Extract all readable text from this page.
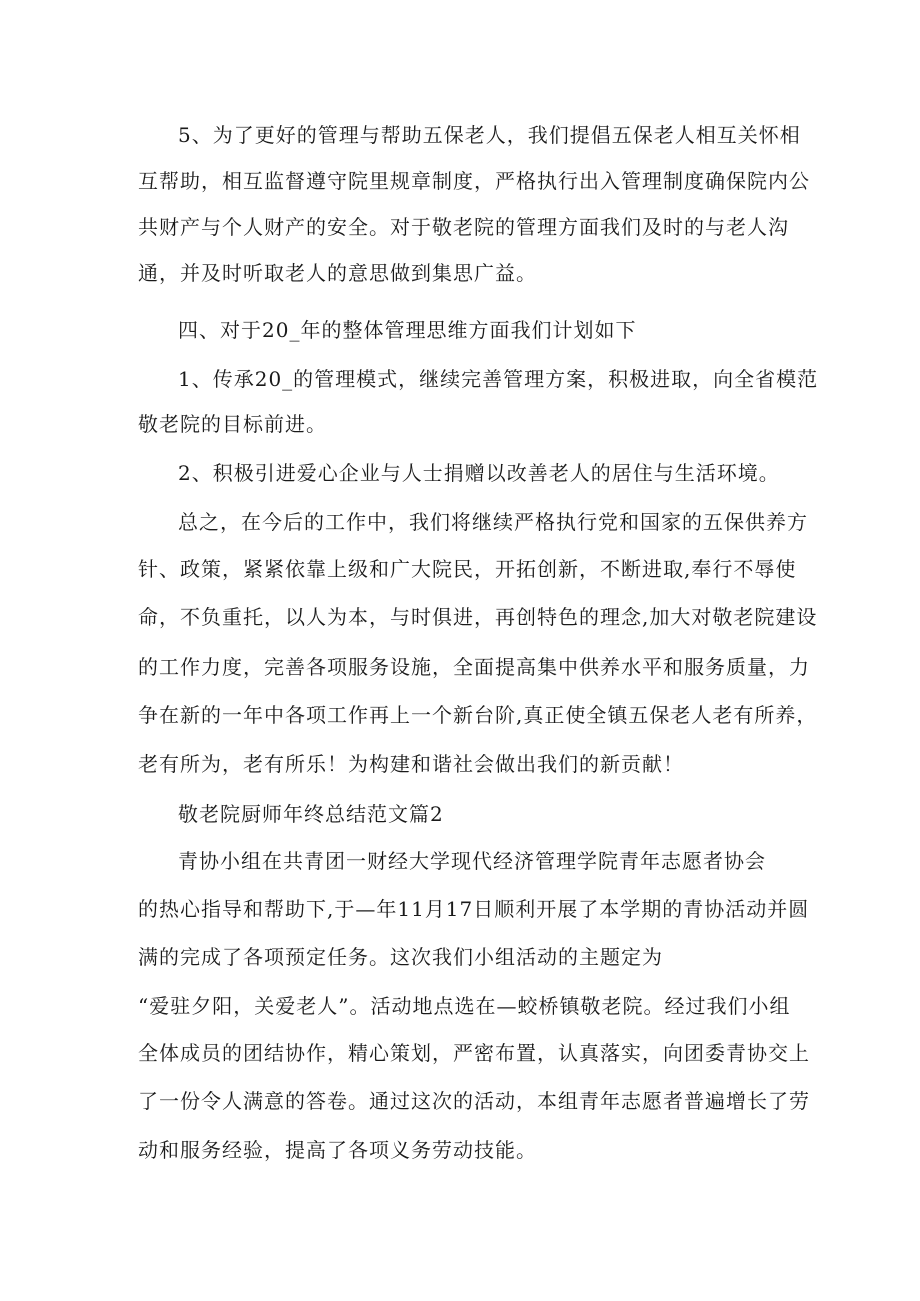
5、为了更好的管理与帮助五保老人，我们提倡五保老人相互关怀相
互帮助，相互监督遵守院里规章制度，严格执行出入管理制度确保院内公
共财产与个人财产的安全。对于敬老院的管理方面我们及时的与老人沟
通，并及时听取老人的意思做到集思广益。
四、对于20_年的整体管理思维方面我们计划如下
1、传承20_的管理模式，继续完善管理方案，积极进取，向全省模范
敬老院的目标前进。
2、积极引进爱心企业与人士捐赠以改善老人的居住与生活环境。
总之，在今后的工作中，我们将继续严格执行党和国家的五保供养方
针、政策，紧紧依靠上级和广大院民，开拓创新，不断进取,奉行不辱使
命，不负重托，以人为本，与时俱进，再创特色的理念,加大对敬老院建设
的工作力度，完善各项服务设施，全面提高集中供养水平和服务质量，力
争在新的一年中各项工作再上一个新台阶,真正使全镇五保老人老有所养，
老有所为，老有所乐！为构建和谐社会做出我们的新贡献！
敬老院厨师年终总结范文篇2
青协小组在共青团一财经大学现代经济管理学院青年志愿者协会
的热心指导和帮助下,于—年11月17日顺利开展了本学期的青协活动并圆
满的完成了各项预定任务。这次我们小组活动的主题定为
“爱驻夕阳，关爱老人”。活动地点选在—蛟桥镇敬老院。经过我们小组
全体成员的团结协作，精心策划，严密布置，认真落实，向团委青协交上
了一份令人满意的答卷。通过这次的活动，本组青年志愿者普遍增长了劳
动和服务经验，提高了各项义务劳动技能。
